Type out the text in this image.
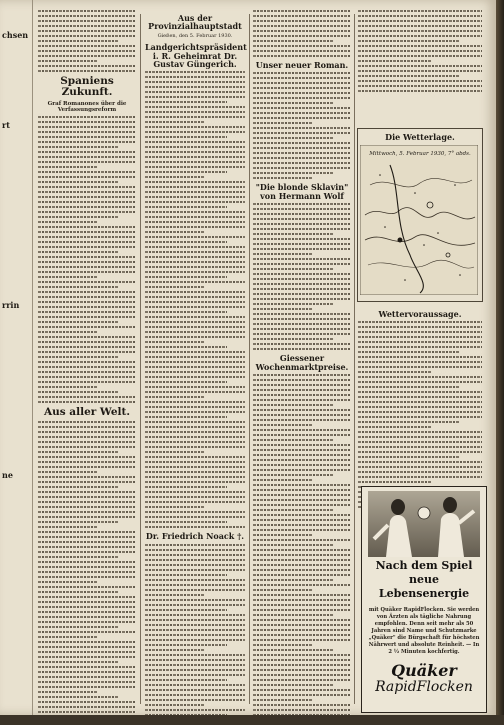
chsen
rt
rrin
ne
Spaniens Zukunft.
Graf Romanones über die Verfassungsreform
Aus aller Welt.
Aus der Provinzialhauptstadt
Gießen, den 5. Februar 1930.
Landgerichtspräsident i. R. Geheimrat Dr. Gustav Güngerich.
Dr. Friedrich Noack †.
Unser neuer Roman.
"Die blonde Sklavin" von Hermann Wolf
Giessener Wochenmarktpreise.
Die Wetterlage.
Mittwoch, 5. Februar 1930, 7° abds.
Wettervoraussage.
Nach dem Spiel
neue
Lebensenergie
mit Quäker RapidFlocken. Sie werden von Ärzten als tägliche Nahrung empfohlen. Denn seit mehr als 50 Jahren sind Name und Schutzmarke „Quäker" die Bürgschaft für höchsten Nährwert und absolute Reinheit. — In 2 ½ Minuten kochfertig.
Quäker
RapidFlocken
